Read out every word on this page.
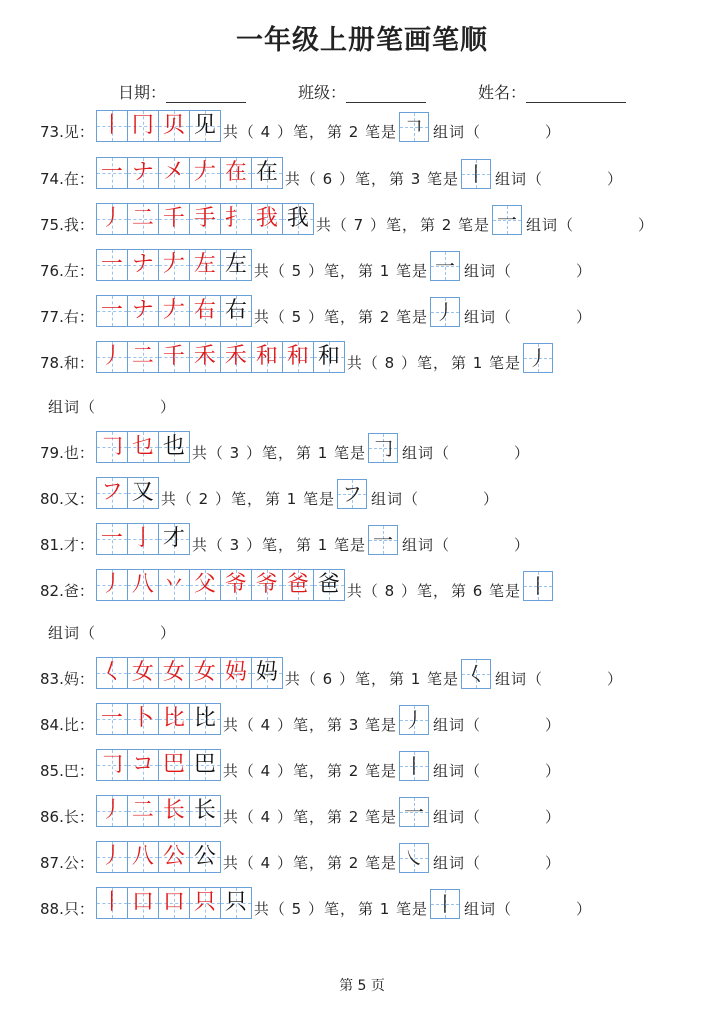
一年级上册笔画笔顺
日期：	班级：	姓名：
73.见： 丨 冂 贝 见 共（ 4 ）笔， 第 2 笔是 𠃍 组词（　　　　）
74.在： 一 ナ 㐅 𠂇 在 在 共（ 6 ）笔， 第 3 笔是 丨 组词（　　　　）
75.我： 丿 二 千 手 扌 我 我 共（ 7 ）笔， 第 2 笔是 一 组词（　　　　）
76.左： 一 ナ 𠂇 左 左 共（ 5 ）笔， 第 1 笔是 一 组词（　　　　）
77.右： 一 ナ 𠂇 右 右 共（ 5 ）笔， 第 2 笔是 丿 组词（　　　　）
78.和： 丿 二 千 禾 禾 和 和 和 共（ 8 ）笔， 第 1 笔是 丿
组词（　　　　）
79.也： 𠃌 乜 也 共（ 3 ）笔， 第 1 笔是 𠃌 组词（　　　　）
80.又： フ 又 共（ 2 ）笔， 第 1 笔是 フ 组词（　　　　）
81.才： 一 亅 才 共（ 3 ）笔， 第 1 笔是 一 组词（　　　　）
82.爸： 丿 八 丷 父 爷 爷 爸 爸 共（ 8 ）笔， 第 6 笔是 丨
组词（　　　　）
83.妈： 𡿨 女 女 女 妈 妈 共（ 6 ）笔， 第 1 笔是 𡿨 组词（　　　　）
84.比： 一 卜 比 比 共（ 4 ）笔， 第 3 笔是 丿 组词（　　　　）
85.巴： 𠃌 コ 巴 巴 共（ 4 ）笔， 第 2 笔是 丨 组词（　　　　）
86.长： 丿 二 长 长 共（ 4 ）笔， 第 2 笔是 一 组词（　　　　）
87.公： 丿 八 公 公 共（ 4 ）笔， 第 2 笔是 ㇏ 组词（　　　　）
88.只： 丨 口 口 只 只 共（ 5 ）笔， 第 1 笔是 丨 组词（　　　　）
第 5 页
